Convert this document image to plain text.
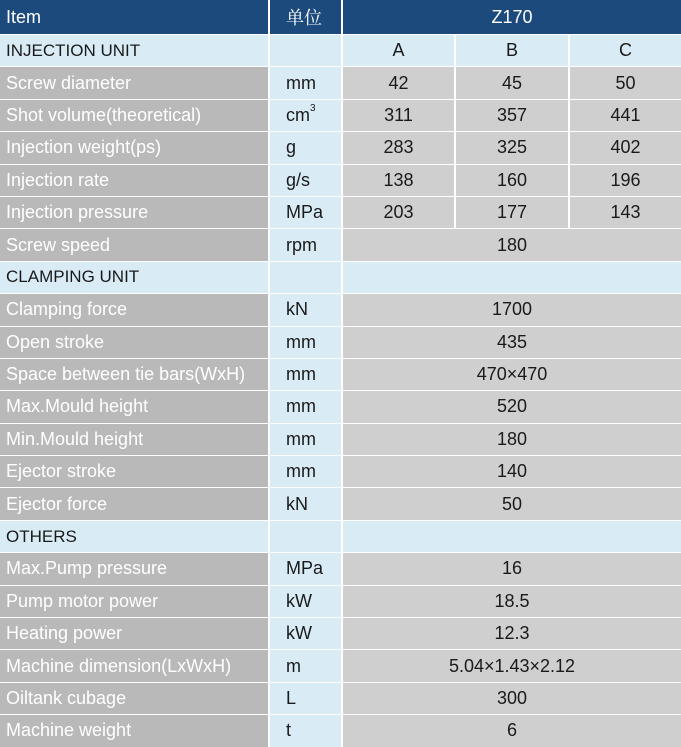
Item	单位	Z170		
INJECTION UNIT		A	B	C
Screw diameter	mm	42	45	50
Shot volume(theoretical)	$cm^3$	311	357	441
Injection weight(ps)	g	283	325	402
Injection rate	g/s	138	160	196
Injection pressure	MPa	203	177	143
Screw speed	rpm	180		
CLAMPING UNIT				
Clamping force	kN	1700		
Open stroke	mm	435		
Space between tie bars(WxH)	mm	470×470		
Max.Mould height	mm	520		
Min.Mould height	mm	180		
Ejector stroke	mm	140		
Ejector force	kN	50		
OTHERS				
Max.Pump pressure	MPa	16		
Pump motor power	kW	18.5		
Heating power	kW	12.3		
Machine dimension(LxWxH)	m	5.04×1.43×2.12		
Oiltank cubage	L	300		
Machine weight	t	6		
